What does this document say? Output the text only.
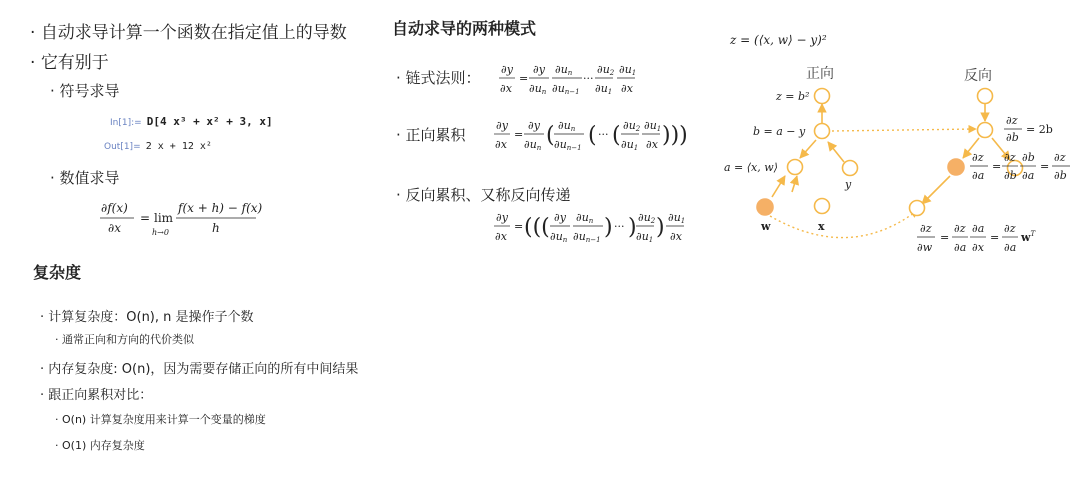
· 自动求导计算一个函数在指定值上的导数
· 它有别于
· 符号求导
In[1]:= D[4 x³ + x² + 3, x]
Out[1]= 2 x + 12 x²
· 数值求导
∂f(x)
∂x
= lim
h→0
f(x + h) − f(x)
h
复杂度
· 计算复杂度：O(n), n 是操作子个数
· 通常正向和方向的代价类似
· 内存复杂度: O(n)，因为需要存储正向的所有中间结果
· 跟正向累积对比：
· O(n) 计算复杂度用来计算一个变量的梯度
· O(1) 内存复杂度
自动求导的两种模式
· 链式法则：
· 正向累积
· 反向累积、又称反向传递
∂y
∂x
=
∂y
∂un
∂un
∂un−1
···
∂u2
∂u1
∂u1
∂x
∂y
∂x
=
∂y
∂un ( ∂un
∂un−1 ( ··· ( ∂u2
∂u1
∂u1
∂x )))
∂y
∂x
= ((( ∂y
∂un
∂un
∂un−1 ) ··· ) ∂u2
∂u1 ) ∂u1
∂x
z = (⟨x, w⟩ − y)²
正向	反向
z = b²
b = a − y
a = ⟨x, w⟩
y
w	x
∂z
∂b
= 2b
∂z
∂a
=
∂z
∂b
∂b
∂a
=
∂z
∂b
∂z
∂w
=
∂z
∂a
∂a
∂x
=
∂z
∂a
$w^T$
